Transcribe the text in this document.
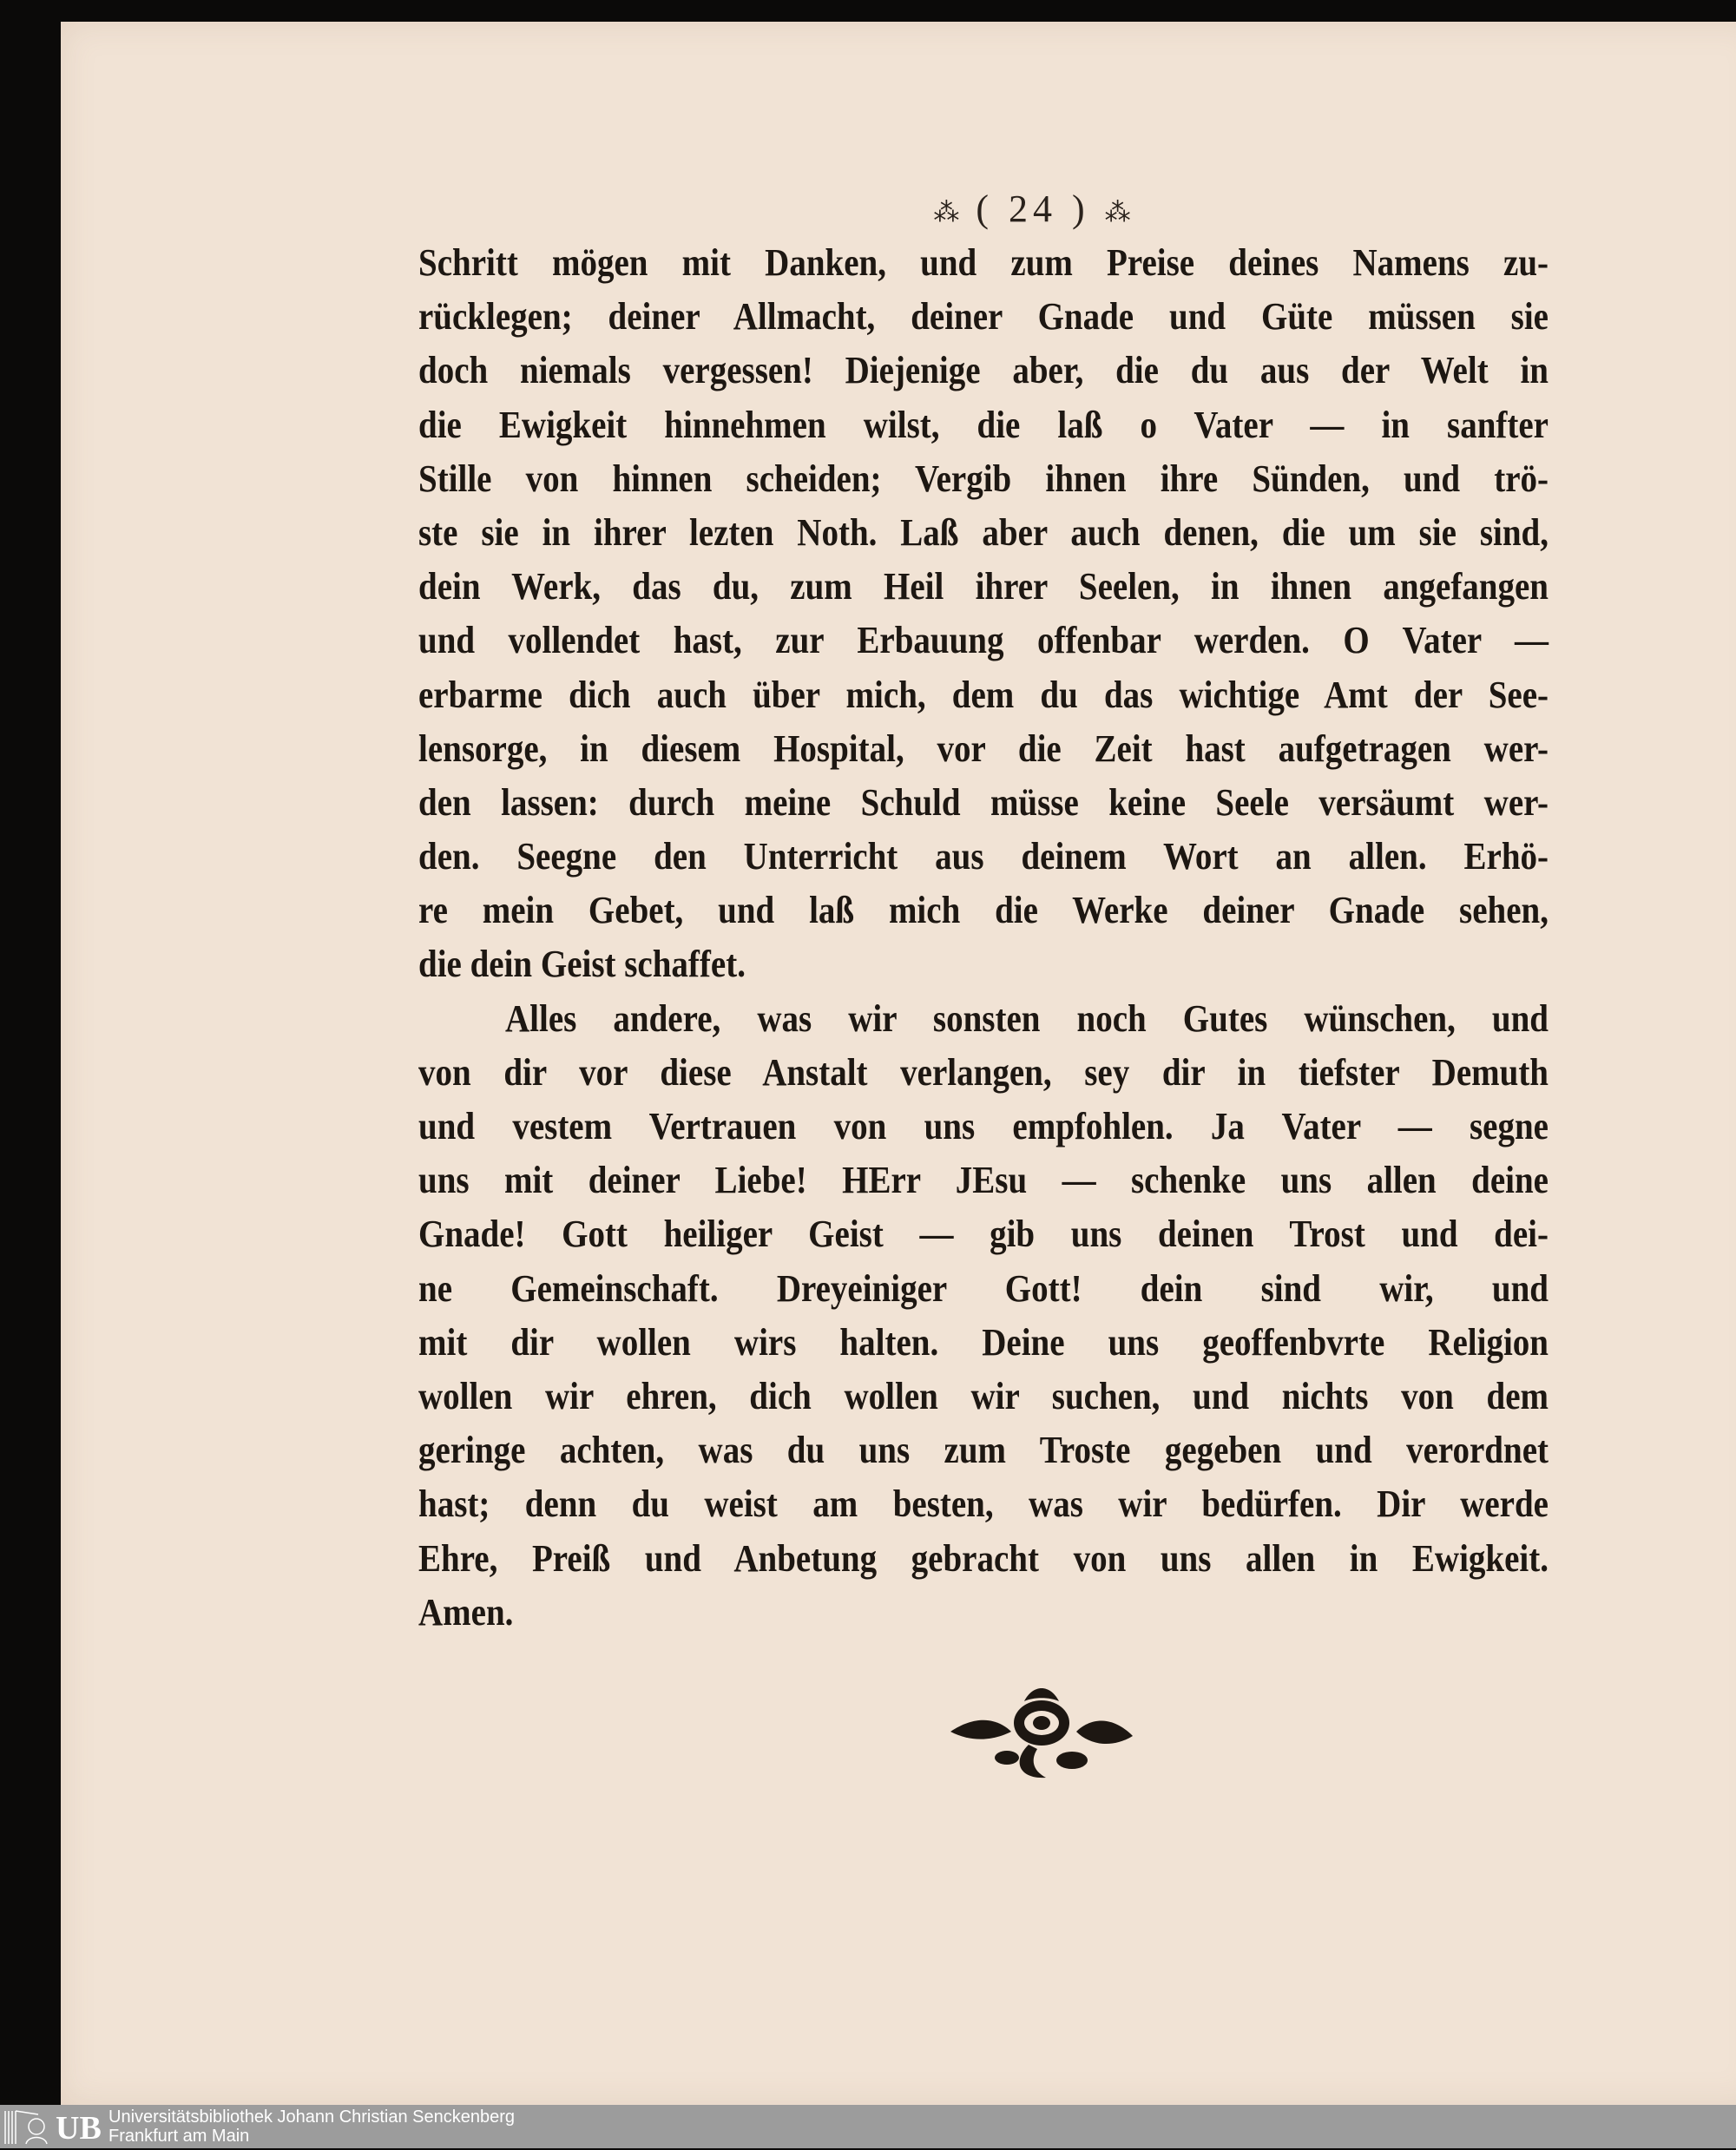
⁂ ( 24 ) ⁂
Schritt mögen mit Danken, und zum Preise deines Namens zu-
rücklegen; deiner Allmacht, deiner Gnade und Güte müssen sie
doch niemals vergessen! Diejenige aber, die du aus der Welt in
die Ewigkeit hinnehmen wilst, die laß o Vater — in sanfter
Stille von hinnen scheiden; Vergib ihnen ihre Sünden, und trö-
ste sie in ihrer lezten Noth. Laß aber auch denen, die um sie sind,
dein Werk, das du, zum Heil ihrer Seelen, in ihnen angefangen
und vollendet hast, zur Erbauung offenbar werden. O Vater —
erbarme dich auch über mich, dem du das wichtige Amt der See-
lensorge, in diesem Hospital, vor die Zeit hast aufgetragen wer-
den lassen: durch meine Schuld müsse keine Seele versäumt wer-
den. Seegne den Unterricht aus deinem Wort an allen. Erhö-
re mein Gebet, und laß mich die Werke deiner Gnade sehen,
die dein Geist schaffet.
Alles andere, was wir sonsten noch Gutes wünschen, und
von dir vor diese Anstalt verlangen, sey dir in tiefster Demuth
und vestem Vertrauen von uns empfohlen. Ja Vater — segne
uns mit deiner Liebe! HErr JEsu — schenke uns allen deine
Gnade! Gott heiliger Geist — gib uns deinen Trost und dei-
ne Gemeinschaft. Dreyeiniger Gott! dein sind wir, und
mit dir wollen wirs halten. Deine uns geoffenbvrte Religion
wollen wir ehren, dich wollen wir suchen, und nichts von dem
geringe achten, was du uns zum Troste gegeben und verordnet
hast; denn du weist am besten, was wir bedürfen. Dir werde
Ehre, Preiß und Anbetung gebracht von uns allen in Ewigkeit.
Amen.
UB Universitätsbibliothek Johann Christian Senckenberg
Frankfurt am Main
